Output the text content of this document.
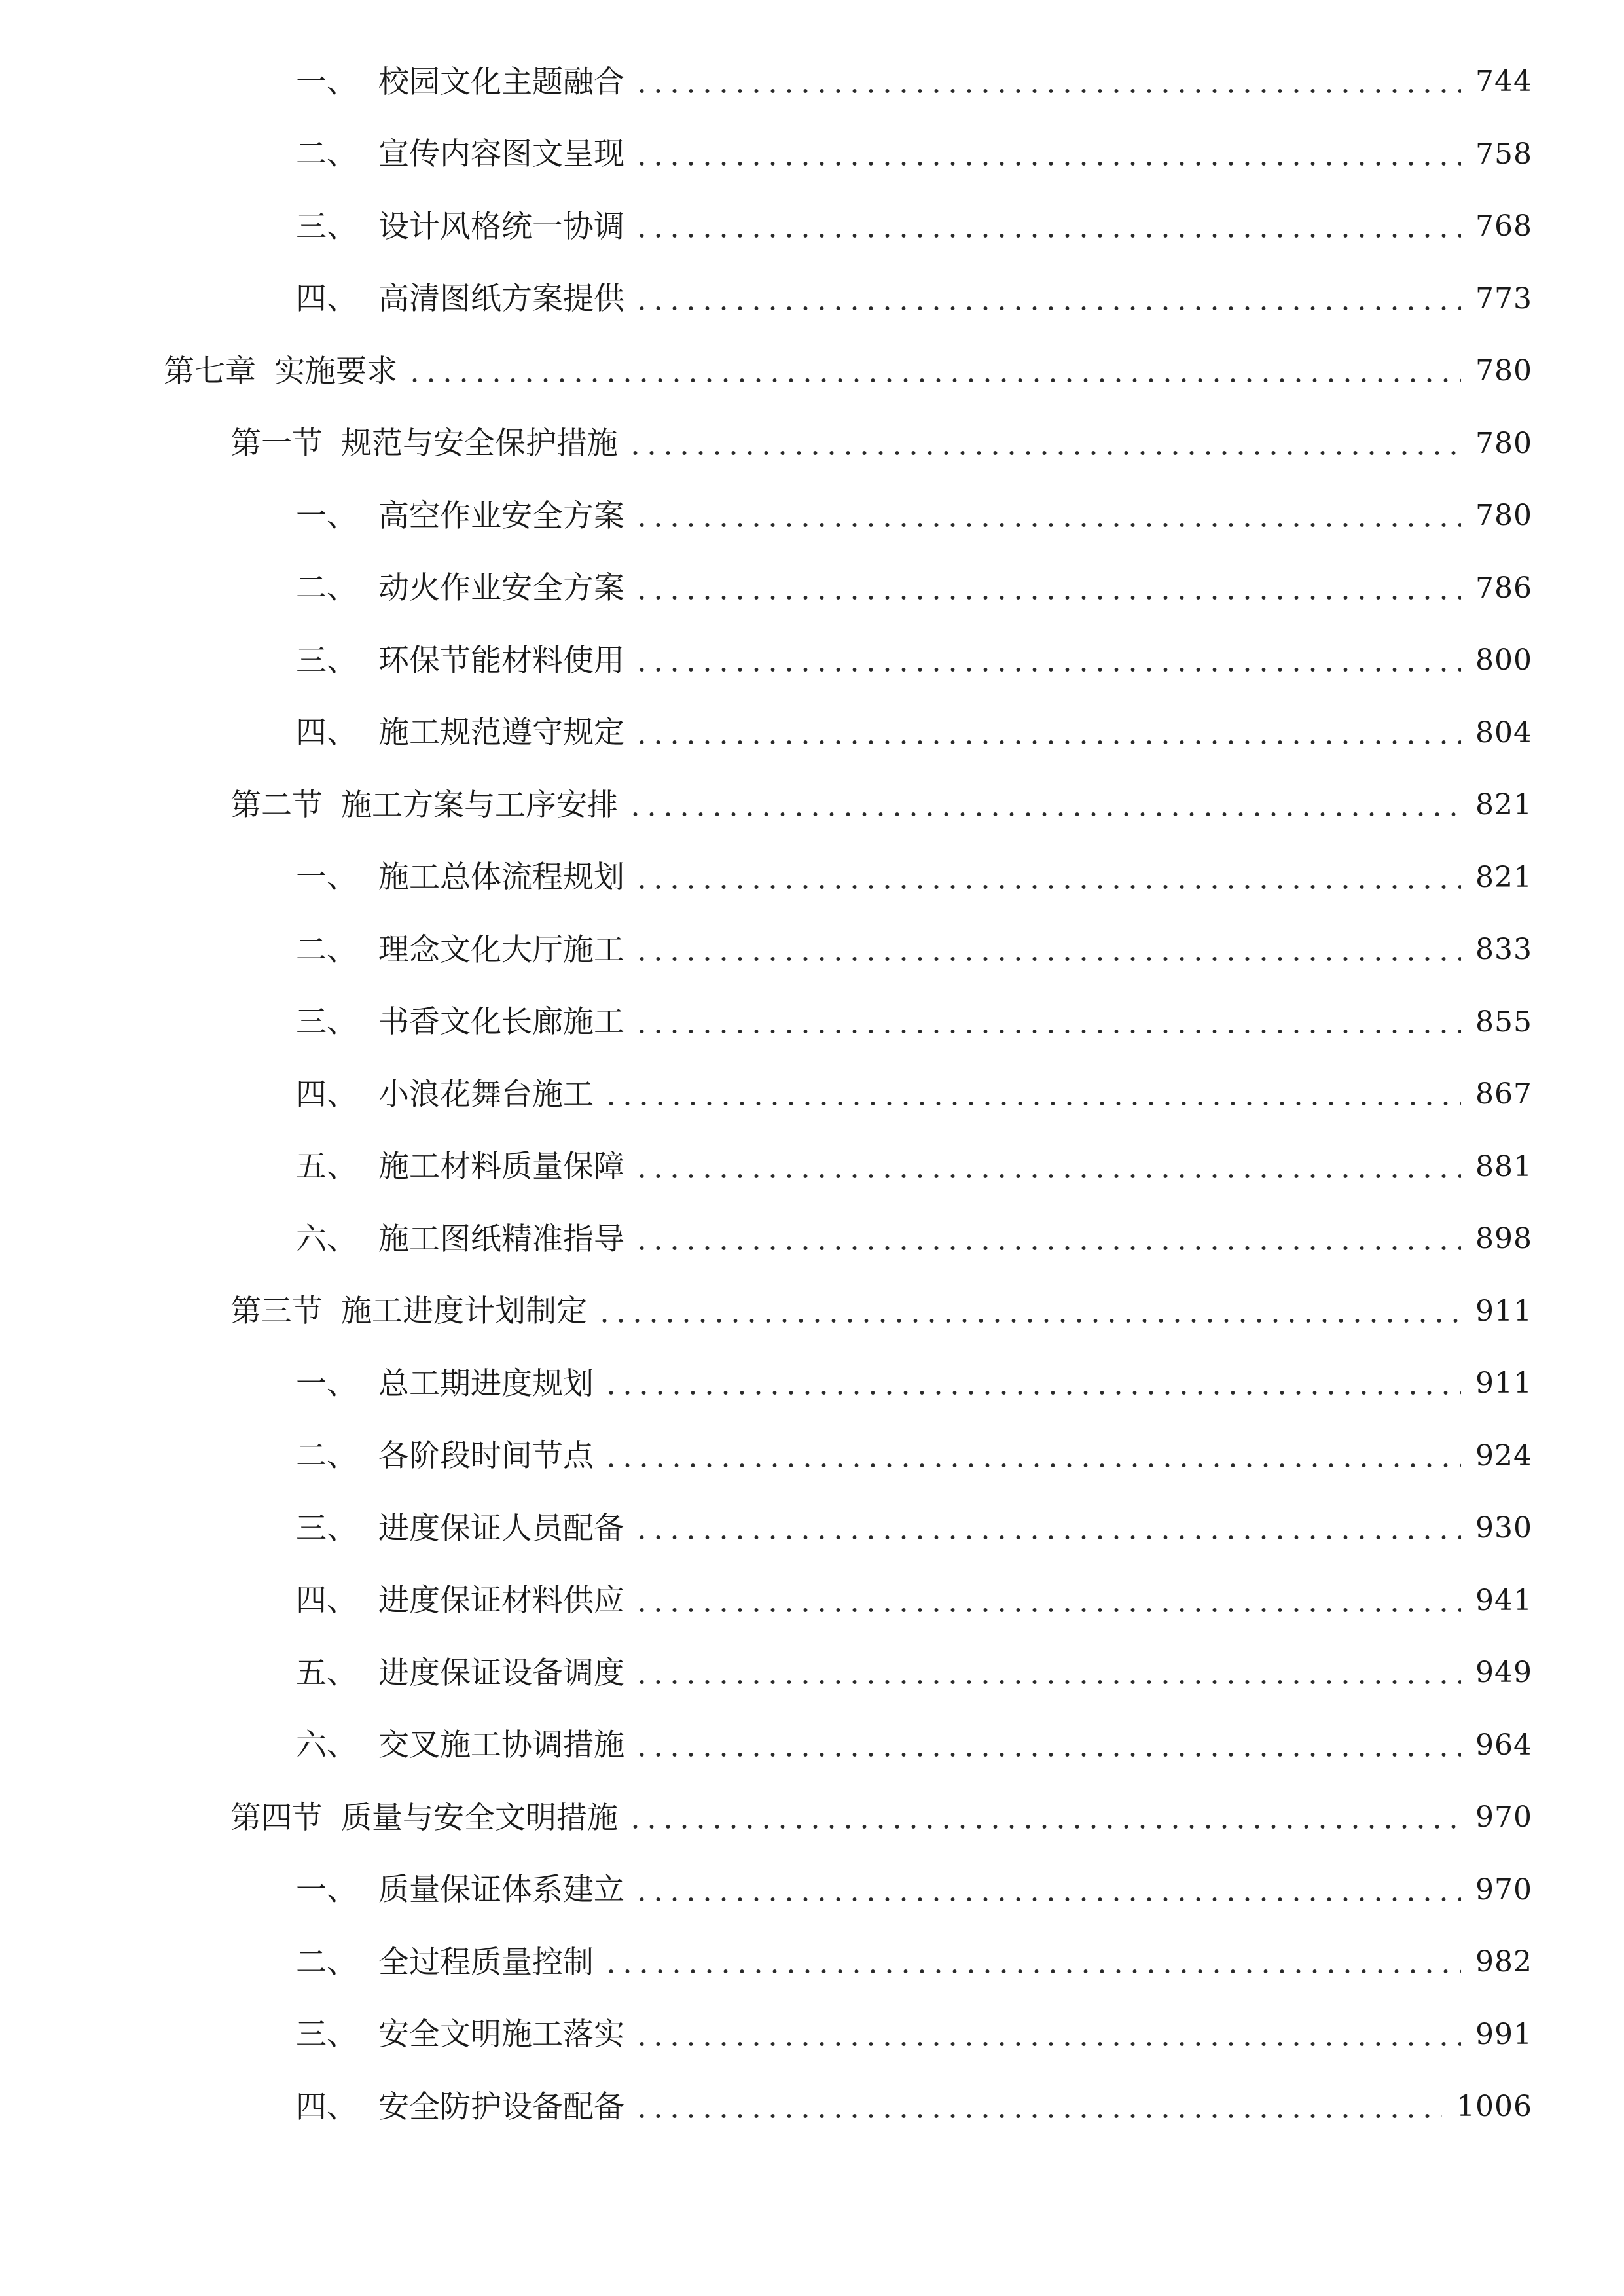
一、 校园文化主题融合	744
二、 宣传内容图文呈现	758
三、 设计风格统一协调	768
四、 高清图纸方案提供	773
第七章 实施要求	780
第一节 规范与安全保护措施	780
一、 高空作业安全方案	780
二、 动火作业安全方案	786
三、 环保节能材料使用	800
四、 施工规范遵守规定	804
第二节 施工方案与工序安排	821
一、 施工总体流程规划	821
二、 理念文化大厅施工	833
三、 书香文化长廊施工	855
四、 小浪花舞台施工	867
五、 施工材料质量保障	881
六、 施工图纸精准指导	898
第三节 施工进度计划制定	911
一、 总工期进度规划	911
二、 各阶段时间节点	924
三、 进度保证人员配备	930
四、 进度保证材料供应	941
五、 进度保证设备调度	949
六、 交叉施工协调措施	964
第四节 质量与安全文明措施	970
一、 质量保证体系建立	970
二、 全过程质量控制	982
三、 安全文明施工落实	991
四、 安全防护设备配备	1006
